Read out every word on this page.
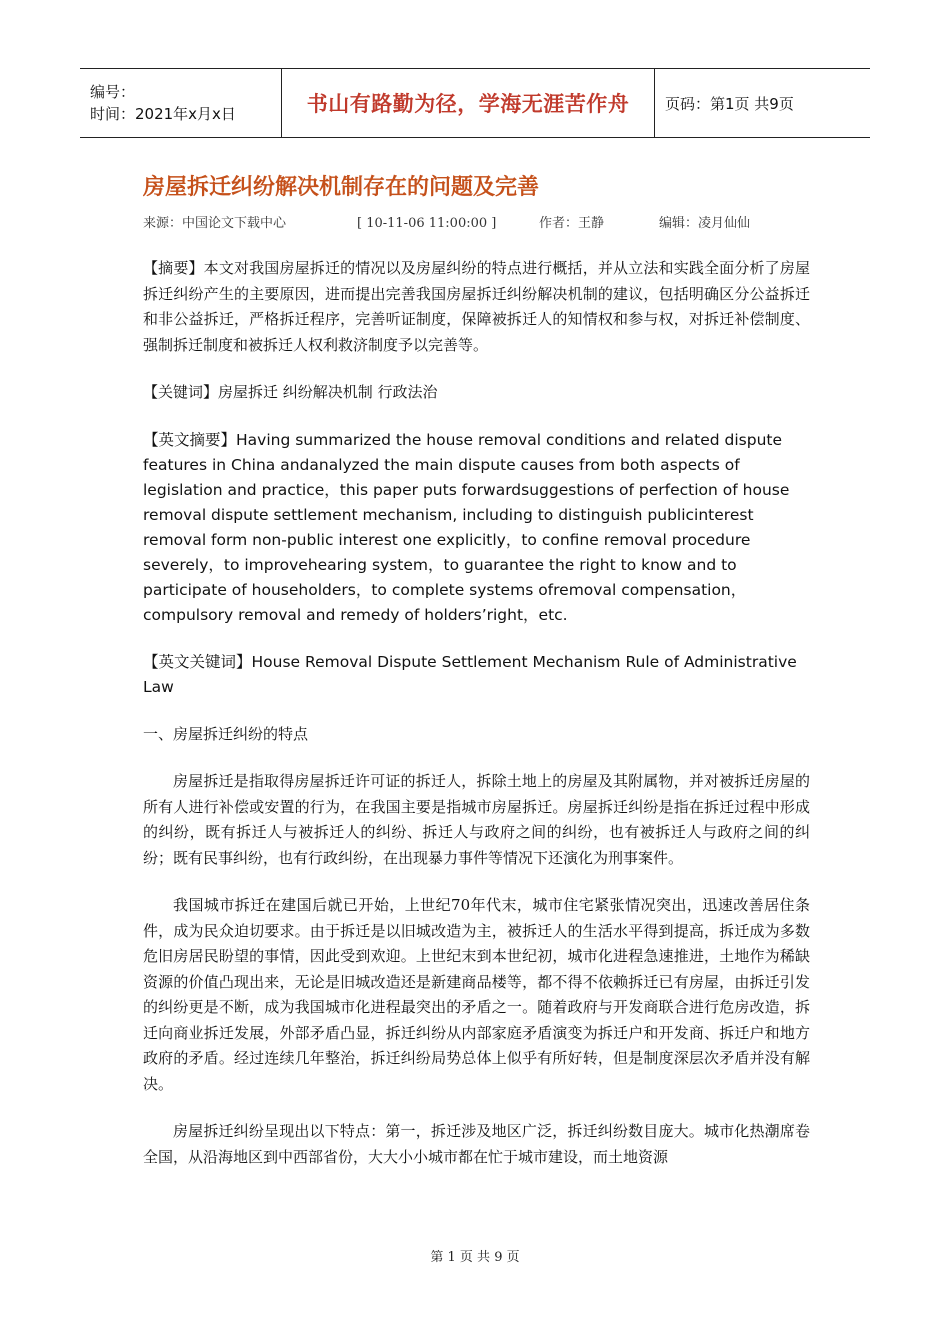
编号：
时间：2021年x月x日	书山有路勤为径，学海无涯苦作舟 页码：第1页 共9页
房屋拆迁纠纷解决机制存在的问题及完善
来源：中国论文下载中心	[ 10-11-06 11:00:00 ]	作者：王静	编辑：凌月仙仙

【摘要】本文对我国房屋拆迁的情况以及房屋纠纷的特点进行概括，并从立法和实践全面分析了房屋拆迁纠纷产生的主要原因，进而提出完善我国房屋拆迁纠纷解决机制的建议，包括明确区分公益拆迁和非公益拆迁，严格拆迁程序，完善听证制度，保障被拆迁人的知情权和参与权，对拆迁补偿制度、强制拆迁制度和被拆迁人权利救济制度予以完善等。

【关键词】房屋拆迁 纠纷解决机制 行政法治

【英文摘要】Having summarized the house removal conditions and related dispute features in China andanalyzed the main dispute causes from both aspects of legislation and practice，this paper puts forwardsuggestions of perfection of house removal dispute settlement mechanism, including to distinguish publicinterest removal form non-public interest one explicitly，to confine removal procedure severely，to improvehearing system，to guarantee the right to know and to participate of householders，to complete systems ofremoval compensation，compulsory removal and remedy of holders’right，etc.

【英文关键词】House Removal Dispute Settlement Mechanism Rule of Administrative Law

一、房屋拆迁纠纷的特点

房屋拆迁是指取得房屋拆迁许可证的拆迁人，拆除土地上的房屋及其附属物，并对被拆迁房屋的所有人进行补偿或安置的行为，在我国主要是指城市房屋拆迁。房屋拆迁纠纷是指在拆迁过程中形成的纠纷，既有拆迁人与被拆迁人的纠纷、拆迁人与政府之间的纠纷，也有被拆迁人与政府之间的纠纷；既有民事纠纷，也有行政纠纷，在出现暴力事件等情况下还演化为刑事案件。

我国城市拆迁在建国后就已开始，上世纪70年代末，城市住宅紧张情况突出，迅速改善居住条件，成为民众迫切要求。由于拆迁是以旧城改造为主，被拆迁人的生活水平得到提高，拆迁成为多数危旧房居民盼望的事情，因此受到欢迎。上世纪末到本世纪初，城市化进程急速推进，土地作为稀缺资源的价值凸现出来，无论是旧城改造还是新建商品楼等，都不得不依赖拆迁已有房屋，由拆迁引发的纠纷更是不断，成为我国城市化进程最突出的矛盾之一。随着政府与开发商联合进行危房改造，拆迁向商业拆迁发展，外部矛盾凸显，拆迁纠纷从内部家庭矛盾演变为拆迁户和开发商、拆迁户和地方政府的矛盾。经过连续几年整治，拆迁纠纷局势总体上似乎有所好转，但是制度深层次矛盾并没有解决。

房屋拆迁纠纷呈现出以下特点：第一，拆迁涉及地区广泛，拆迁纠纷数目庞大。城市化热潮席卷全国，从沿海地区到中西部省份，大大小小城市都在忙于城市建设，而土地资源

第 1 页 共 9 页
